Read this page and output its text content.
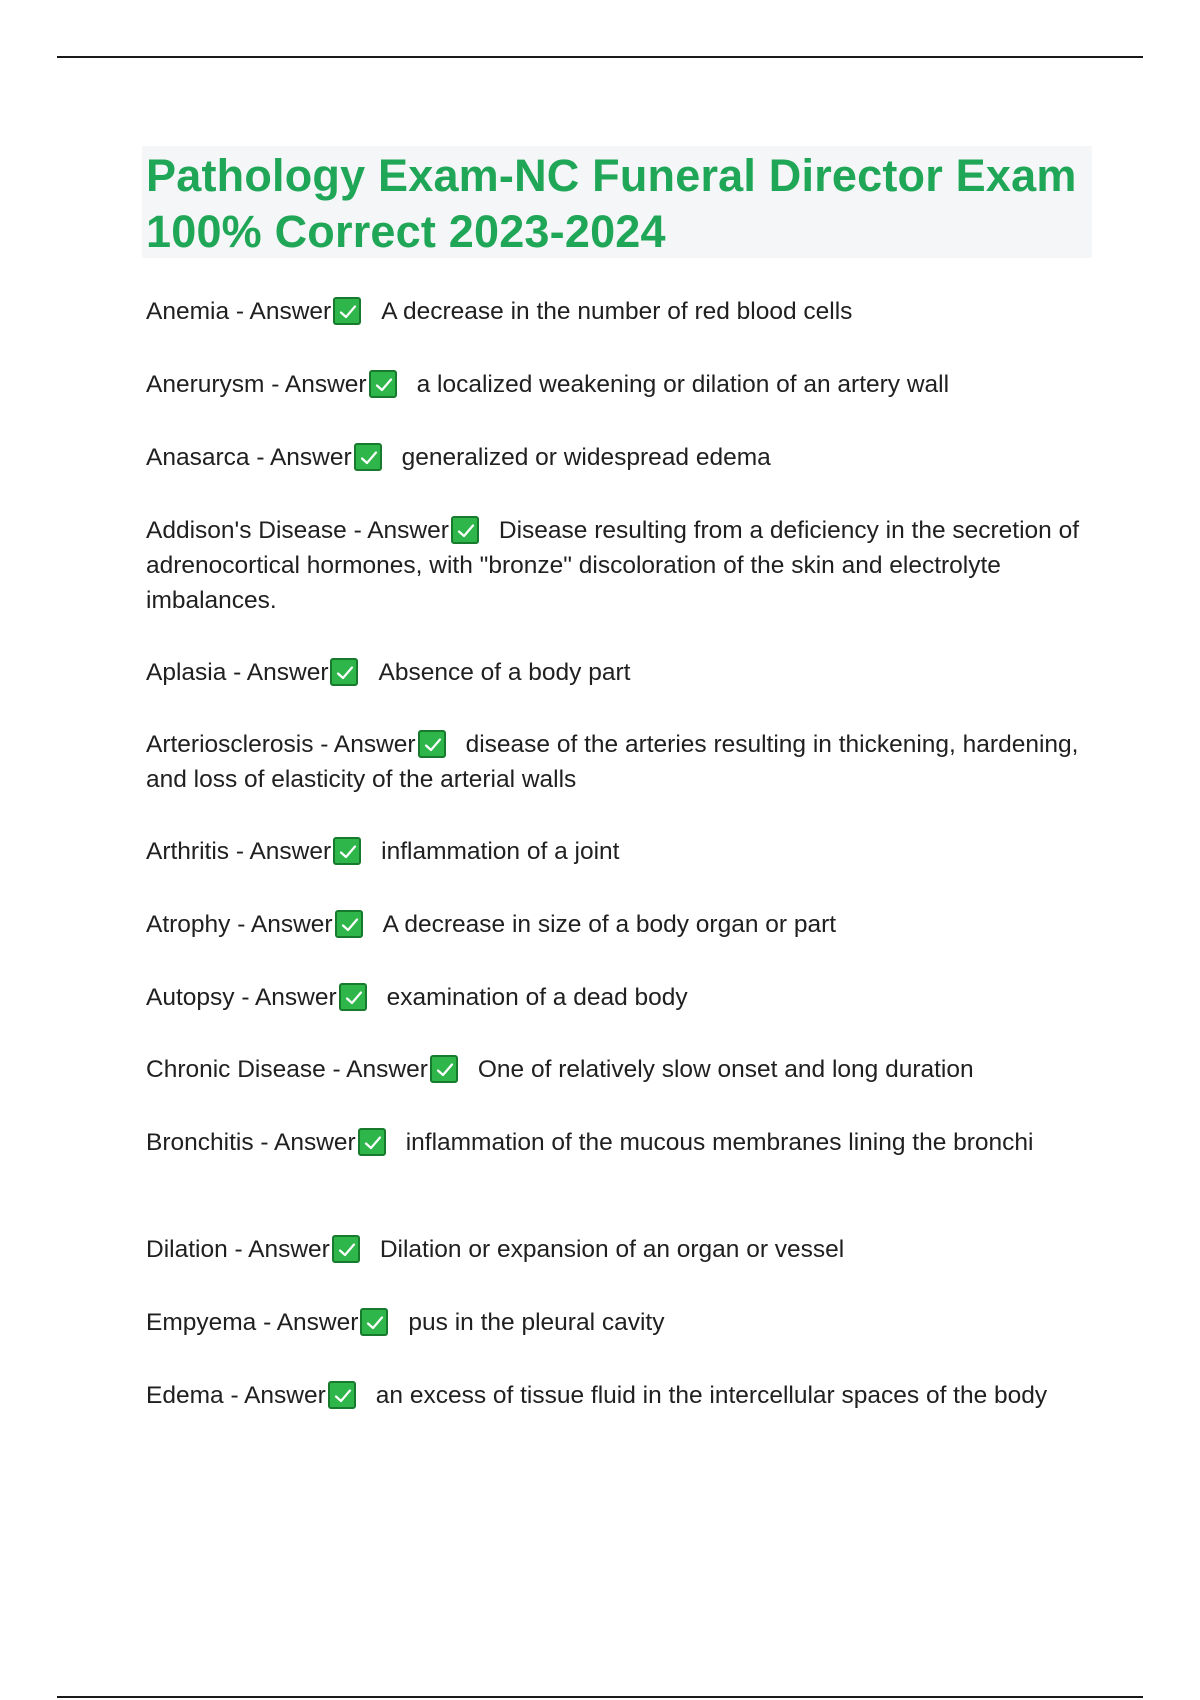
Pathology Exam-NC Funeral Director Exam 100% Correct 2023-2024
Anemia - Answer A decrease in the number of red blood cells
Anerurysm - Answer a localized weakening or dilation of an artery wall
Anasarca - Answer generalized or widespread edema
Addison's Disease - Answer Disease resulting from a deficiency in the secretion of adrenocortical hormones, with "bronze" discoloration of the skin and electrolyte imbalances.
Aplasia - Answer Absence of a body part
Arteriosclerosis - Answer disease of the arteries resulting in thickening, hardening, and loss of elasticity of the arterial walls
Arthritis - Answer inflammation of a joint
Atrophy - Answer A decrease in size of a body organ or part
Autopsy - Answer examination of a dead body
Chronic Disease - Answer One of relatively slow onset and long duration
Bronchitis - Answer inflammation of the mucous membranes lining the bronchi
Dilation - Answer Dilation or expansion of an organ or vessel
Empyema - Answer pus in the pleural cavity
Edema - Answer an excess of tissue fluid in the intercellular spaces of the body
